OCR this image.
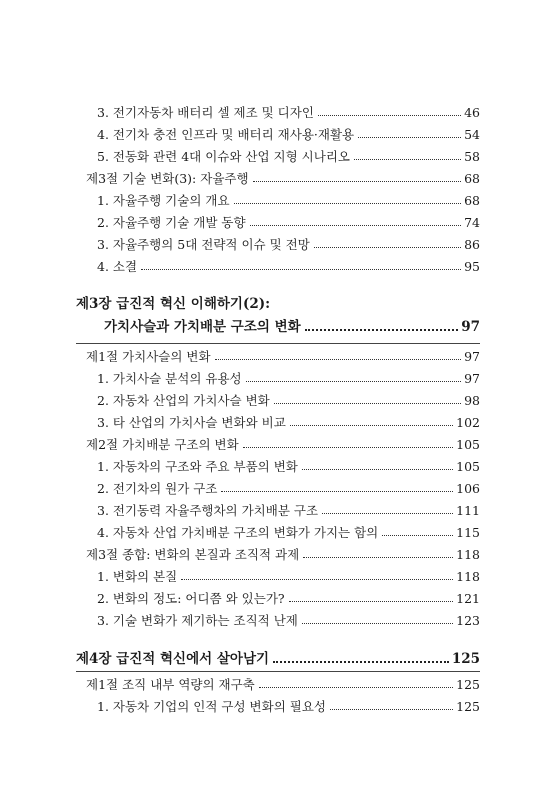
3. 전기자동차 배터리 셀 제조 및 디자인	46
4. 전기차 충전 인프라 및 배터리 재사용·재활용	54
5. 전동화 관련 4대 이슈와 산업 지형 시나리오	58
제3절 기술 변화(3): 자율주행	68
1. 자율주행 기술의 개요	68
2. 자율주행 기술 개발 동향	74
3. 자율주행의 5대 전략적 이슈 및 전망	86
4. 소결	95
제3장 급진적 혁신 이해하기(2):
가치사슬과 가치배분 구조의 변화	97
제1절 가치사슬의 변화	97
1. 가치사슬 분석의 유용성	97
2. 자동차 산업의 가치사슬 변화	98
3. 타 산업의 가치사슬 변화와 비교	102
제2절 가치배분 구조의 변화	105
1. 자동차의 구조와 주요 부품의 변화	105
2. 전기차의 원가 구조	106
3. 전기동력 자율주행차의 가치배분 구조	111
4. 자동차 산업 가치배분 구조의 변화가 가지는 함의	115
제3절 종합: 변화의 본질과 조직적 과제	118
1. 변화의 본질	118
2. 변화의 정도: 어디쯤 와 있는가?	121
3. 기술 변화가 제기하는 조직적 난제	123
제4장 급진적 혁신에서 살아남기	125
제1절 조직 내부 역량의 재구축	125
1. 자동차 기업의 인적 구성 변화의 필요성	125
